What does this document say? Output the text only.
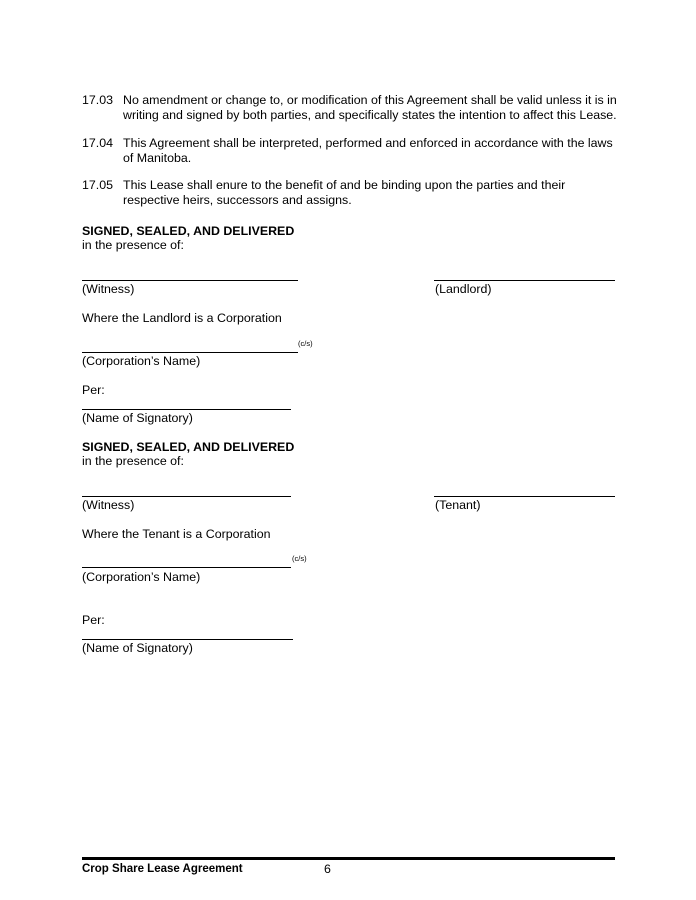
17.03 No amendment or change to, or modification of this Agreement shall be valid unless it is in writing and signed by both parties, and specifically states the intention to affect this Lease.
17.04 This Agreement shall be interpreted, performed and enforced in accordance with the laws of Manitoba.
17.05 This Lease shall enure to the benefit of and be binding upon the parties and their respective heirs, successors and assigns.
SIGNED, SEALED, AND DELIVERED
in the presence of:
(Witness)	(Landlord)
Where the Landlord is a Corporation
(c/s)
(Corporation’s Name)
Per:
(Name of Signatory)
SIGNED, SEALED, AND DELIVERED
in the presence of:
(Witness)	(Tenant)
Where the Tenant is a Corporation
(c/s)
(Corporation’s Name)
Per:
(Name of Signatory)
Crop Share Lease Agreement	6
